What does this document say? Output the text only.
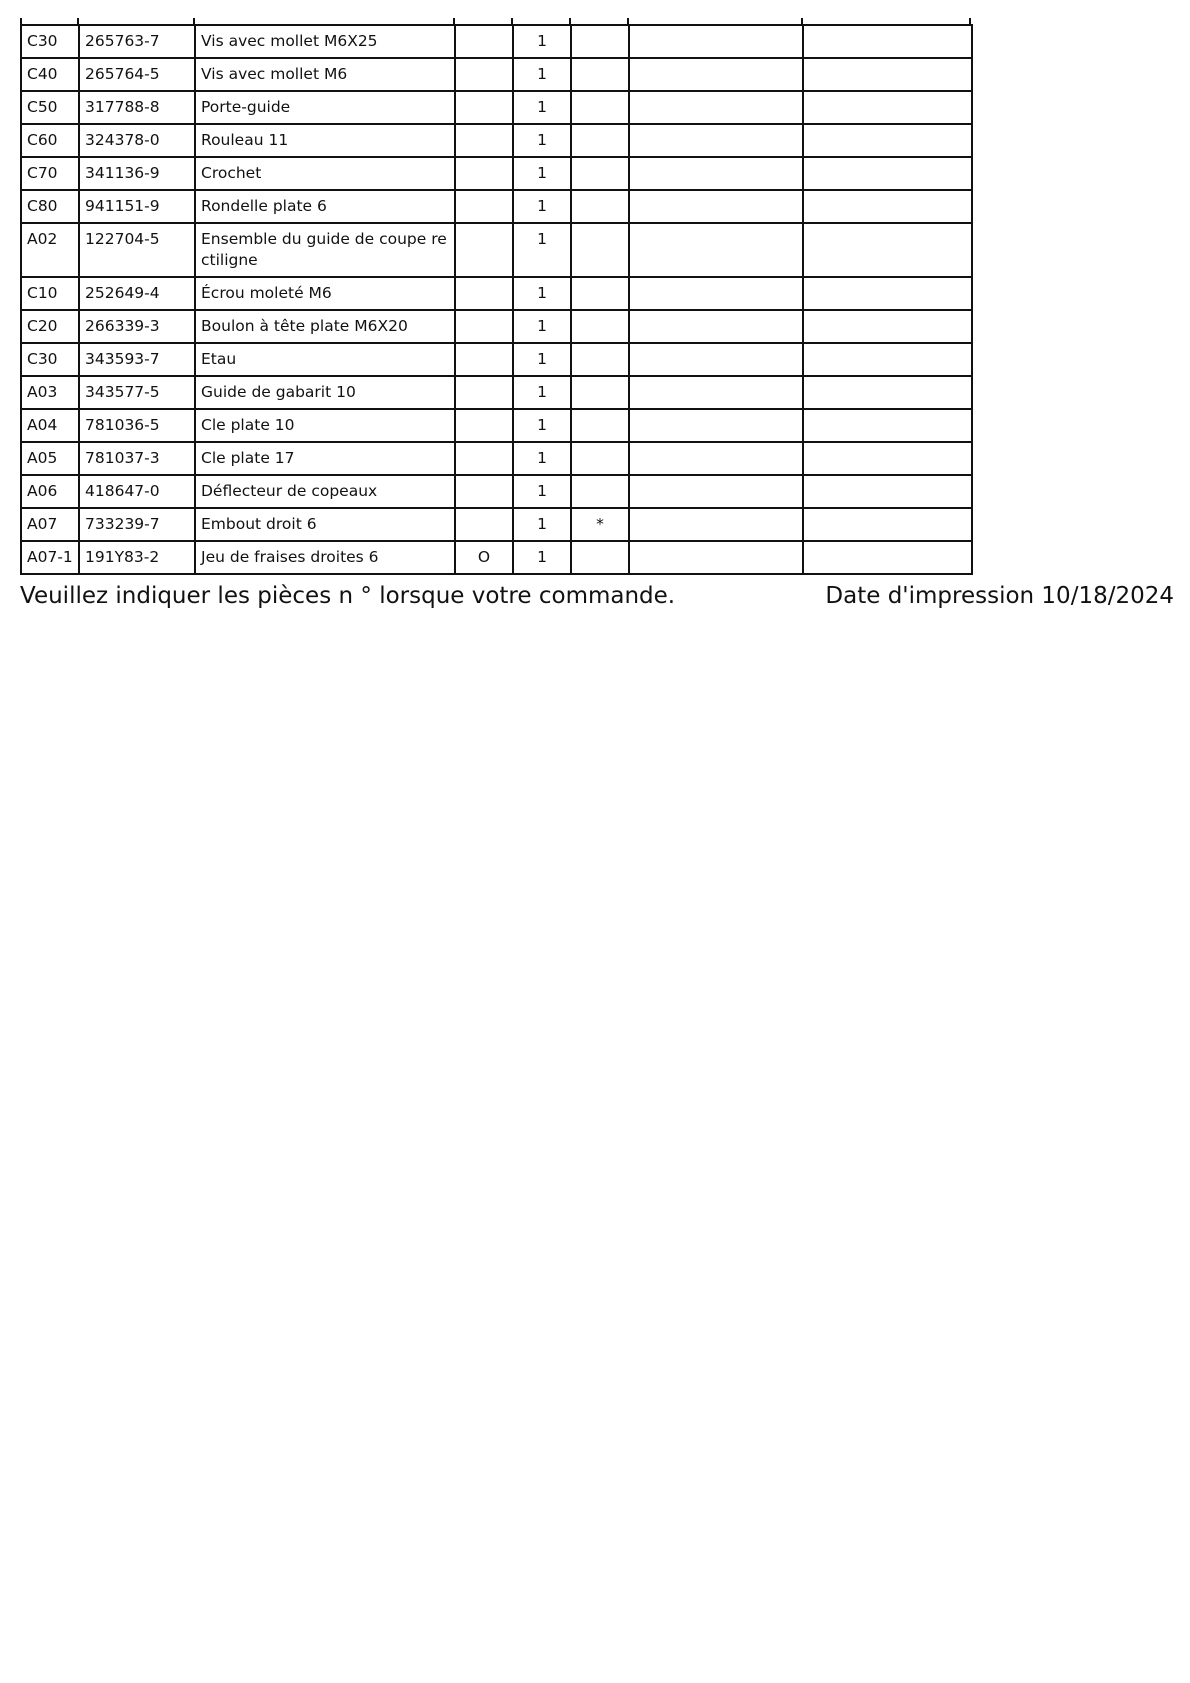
C30	265763-7	Vis avec mollet M6X25		1			
C40	265764-5	Vis avec mollet M6		1			
C50	317788-8	Porte-guide		1			
C60	324378-0	Rouleau 11		1			
C70	341136-9	Crochet		1			
C80	941151-9	Rondelle plate 6		1			
A02	122704-5	Ensemble du guide de coupe rectiligne		1			
C10	252649-4	Écrou moleté M6		1			
C20	266339-3	Boulon à tête plate M6X20		1			
C30	343593-7	Etau		1			
A03	343577-5	Guide de gabarit 10		1			
A04	781036-5	Cle plate 10		1			
A05	781037-3	Cle plate 17		1			
A06	418647-0	Déflecteur de copeaux		1			
A07	733239-7	Embout droit 6		1	*		
A07-1	191Y83-2	Jeu de fraises droites 6	O	1			
Veuillez indiquer les pièces n ° lorsque votre commande.	Date d'impression 10/18/2024
